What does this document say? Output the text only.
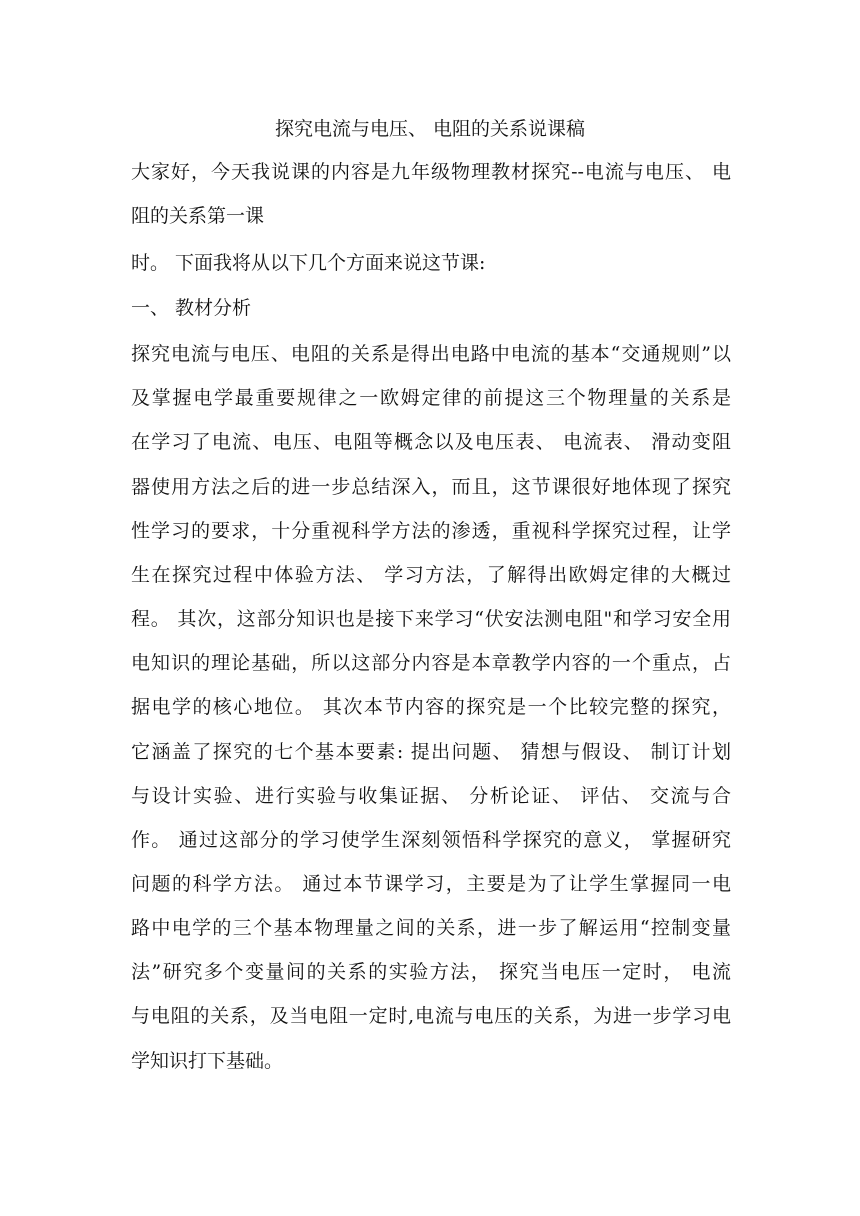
探究电流与电压、 电阻的关系说课稿
大家好，今天我说课的内容是九年级物理教材探究--电流与电压、 电
阻的关系第一课
时。 下面我将从以下几个方面来说这节课:
一、 教材分析
探究电流与电压、电阻的关系是得出电路中电流的基本“交通规则”以
及掌握电学最重要规律之一欧姆定律的前提这三个物理量的关系是
在学习了电流、电压、电阻等概念以及电压表、 电流表、 滑动变阻
器使用方法之后的进一步总结深入，而且，这节课很好地体现了探究
性学习的要求，十分重视科学方法的渗透，重视科学探究过程，让学
生在探究过程中体验方法、 学习方法，了解得出欧姆定律的大概过
程。 其次，这部分知识也是接下来学习“伏安法测电阻"和学习安全用
电知识的理论基础，所以这部分内容是本章教学内容的一个重点，占
据电学的核心地位。 其次本节内容的探究是一个比较完整的探究，
它涵盖了探究的七个基本要素: 提出问题、 猜想与假设、 制订计划
与设计实验、进行实验与收集证据、 分析论证、 评估、 交流与合
作。 通过这部分的学习使学生深刻领悟科学探究的意义， 掌握研究
问题的科学方法。 通过本节课学习，主要是为了让学生掌握同一电
路中电学的三个基本物理量之间的关系，进一步了解运用“控制变量
法”研究多个变量间的关系的实验方法， 探究当电压一定时， 电流
与电阻的关系，及当电阻一定时,电流与电压的关系，为进一步学习电
学知识打下基础。
